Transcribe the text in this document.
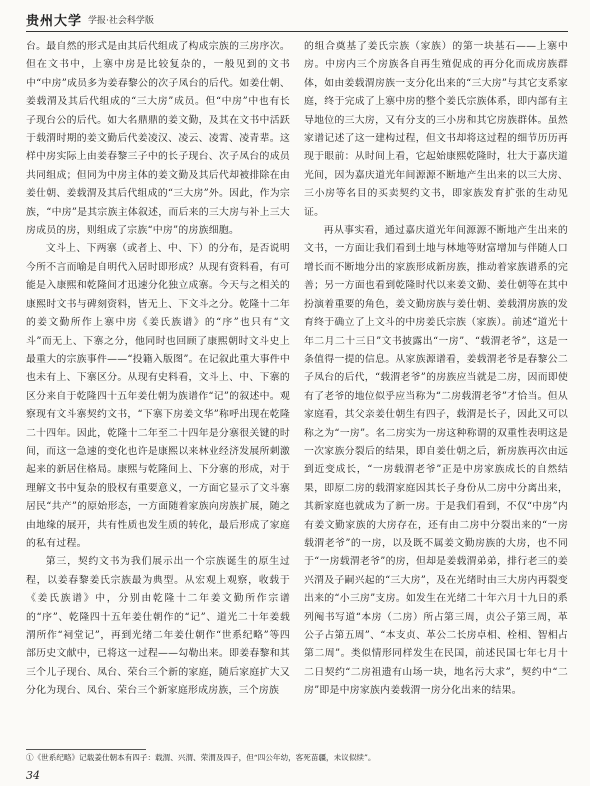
贵州大学 学报·社会科学版

台。最自然的形式是由其后代组成了构成宗族的三房序次。但在文书中，上寨中房是比较复杂的，一般见到的文书中“中房”成员多为姜春黎公的次子凤台的后代。如姜仕朝、姜载渭及其后代组成的“三大房”成员。但“中房”中也有长子现台公的后代。如大名鼎鼎的姜文勤，及其在文书中活跃于载渭时期的姜文勤后代姜凌汉、凌云、凌霄、凌青辈。这样中房实际上由姜春黎三子中的长子现台、次子凤台的成员共同组成；但同为中房主体的姜文勤及其后代却被排除在由姜仕朝、姜载渭及其后代组成的“三大房”外。因此，作为宗族，“中房”是其宗族主体叙述，而后来的三大房与补上三大房成员的房，则组成了宗族“中房”的房族细胞。

文斗上、下两寨（或者上、中、下）的分布，是否说明今所不言而喻是自明代入居时即形成？从现有资料看，有可能是入康熙和乾隆间才迅速分化独立成寨。今天与之相关的康熙时文书与碑刻资料，皆无上、下文斗之分。乾隆十二年的姜文勤所作上寨中房《姜氏族谱》的“序”也只有“文斗”而无上、下寨之分，他同时也回顾了康熙朝时文斗史上最重大的宗族事件——“投籍入版图”。在记叙此重大事件中也未有上、下寨区分。从现有史料看，文斗上、中、下寨的区分来自于乾隆四十五年姜仕朝为族谱作“记”的叙述中。观察现有文斗寨契约文书，“下寨下房姜文华”称呼出现在乾隆二十四年。因此，乾隆十二年至二十四年是分寨很关键的时间，而这一急速的变化也许是康熙以来林业经济发展所刺激起来的新居住格局。康熙与乾隆间上、下分寨的形成，对于理解文书中复杂的股权有重要意义，一方面它显示了文斗寨居民“共产”的原始形态，一方面随着家族向房族扩展，随之由地缘的展开，共有性质也发生质的转化，最后形成了家庭的私有过程。

第三，契约文书为我们展示出一个宗族诞生的原生过程，以姜春黎姜氏宗族最为典型。从宏观上观察，收载于《姜氏族谱》中，分别由乾隆十二年姜文勤所作宗谱的“序”、乾隆四十五年姜仕朝作的“记”、道光二十年姜载渭所作“祠堂记”，再到光绪二年姜仕朝作“世系纪略”等四部历史文献中，已将这一过程——勾勒出来。即姜春黎和其三个儿子现台、凤台、荣台三个新的家庭，随后家庭扩大又分化为现台、凤台、荣台三个新家庭形成房族，三个房族

的组合奠基了姜氏宗族（家族）的第一块基石——上寨中房。中房内三个房族各自再生殖促成的再分化而成房族群体，如由姜载渭房族一支分化出来的“三大房”与其它支系家庭，终于完成了上寨中房的整个姜氏宗族体系，即内部有主导地位的三大房，又有分支的三小房和其它房族群体。虽然家谱记述了这一建构过程，但文书却将这过程的细节历历再现于眼前：从时间上看，它起始康熙乾隆时，壮大于嘉庆道光间，因为嘉庆道光年间源源不断地产生出来的以三大房、三小房等名目的买卖契约文书，即家族发育扩张的生动见证。

再从事实看，通过嘉庆道光年间源源不断地产生出来的文书，一方面让我们看到土地与林地等财富增加与伴随人口增长而不断地分出的家族形成新房族，推动着家族谱系的完善；另一方面也看到乾隆时代以来姜文勤、姜仕朝等在其中扮演着重要的角色，姜文勤房族与姜仕朝、姜载渭房族的发育终于确立了上文斗的中房姜氏宗族（家族）。前述“道光十年二月二十三日”文书披露出“一房”、“载渭老爷”，这是一条值得一提的信息。从家族源谱看，姜载渭老爷是春黎公二子凤台的后代，“载渭老爷”的房族应当就是二房，因而即使有了老爷的地位似乎应当称为“二房载渭老爷”才恰当。但从家庭看，其父亲姜仕朝生有四子，载渭是长子，因此又可以称之为“一房”。名二房实为一房这种称谓的双重性表明这是一次家族分裂后的结果，即自姜仕朝之后，新房族再次由远到近变成长，“一房载渭老爷”正是中房家族成长的自然结果，即原二房的载渭家庭因其长子身份从二房中分离出来，其新家庭也就成为了新一房。于是我们看到，不仅“中房”内有姜文勤家族的大房存在，还有由二房中分裂出来的“一房载渭老爷”的一房，以及既不属姜文勤房族的大房，也不同于“一房载渭老爷”的房，但却是姜载渭弟弟，排行老三的姜兴渭及子嗣兴起的“三大房”，及在光绪时由三大房内再裂变出来的“小三房”支房。如发生在光绪二十年六月十九日的系列阄书写道“本房（二房）所占第三周，贞公子第三周，革公子占第五周”、“本支贞、革公二长房卓相、栓相、智相占第二周”。类似情形同样发生在民国，前述民国七年七月十二日契约“二房祖遗有山场一块，地名污大求”，契约中“二房”即是中房家族内姜载渭一房分化出来的结果。

①《世系纪略》记载姜仕朝本有四子：载渭、兴渭、荣渭及四子，但“四公年幼，客死苗疆，未议似续”。
34
